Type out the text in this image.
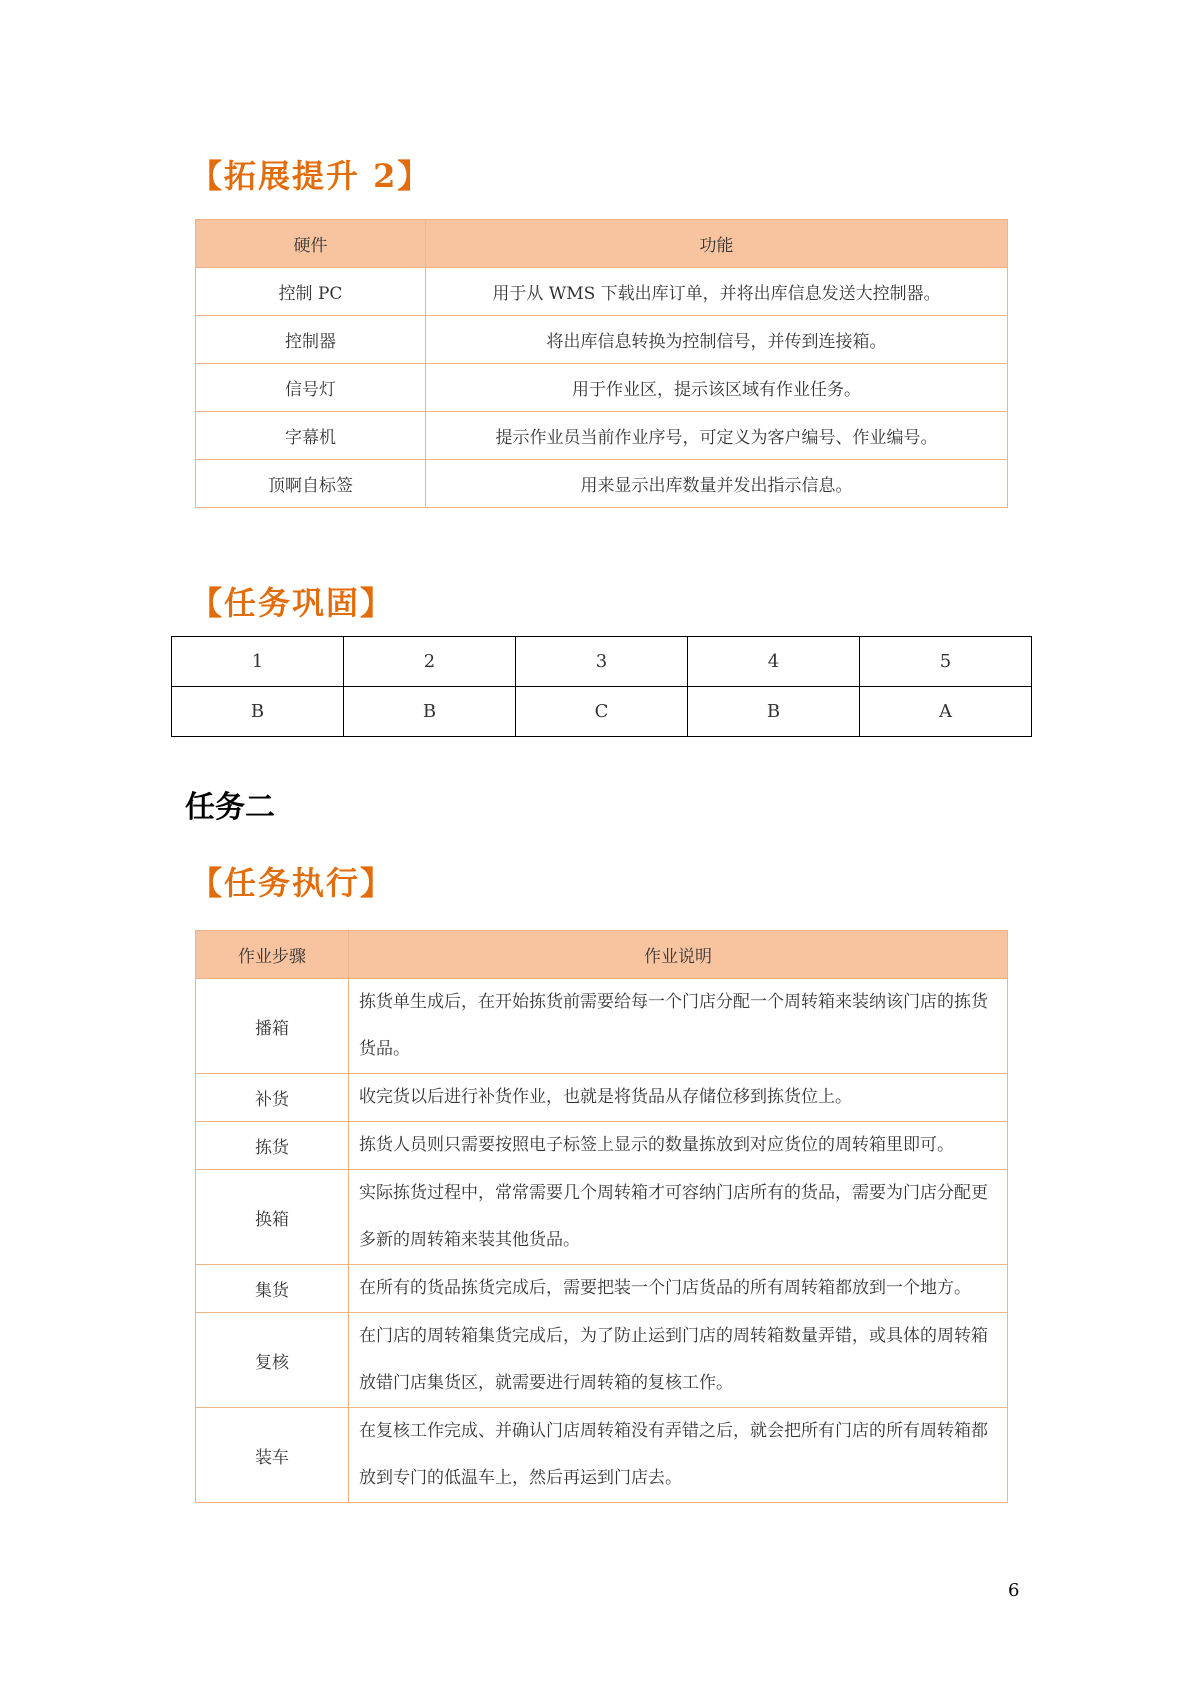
【拓展提升 2】
硬件	功能
控制 PC	用于从 WMS 下载出库订单，并将出库信息发送大控制器。
控制器	将出库信息转换为控制信号，并传到连接箱。
信号灯	用于作业区，提示该区域有作业任务。
字幕机	提示作业员当前作业序号，可定义为客户编号、作业编号。
顶啊自标签	用来显示出库数量并发出指示信息。
【任务巩固】
1	2	3	4	5
B	B	C	B	A
任务二
【任务执行】
作业步骤	作业说明
播箱	拣货单生成后，在开始拣货前需要给每一个门店分配一个周转箱来装纳该门店的拣货货品。
补货	收完货以后进行补货作业，也就是将货品从存储位移到拣货位上。
拣货	拣货人员则只需要按照电子标签上显示的数量拣放到对应货位的周转箱里即可。
换箱	实际拣货过程中，常常需要几个周转箱才可容纳门店所有的货品，需要为门店分配更多新的周转箱来装其他货品。
集货	在所有的货品拣货完成后，需要把装一个门店货品的所有周转箱都放到一个地方。
复核	在门店的周转箱集货完成后，为了防止运到门店的周转箱数量弄错，或具体的周转箱放错门店集货区，就需要进行周转箱的复核工作。
装车	在复核工作完成、并确认门店周转箱没有弄错之后，就会把所有门店的所有周转箱都放到专门的低温车上，然后再运到门店去。

6
